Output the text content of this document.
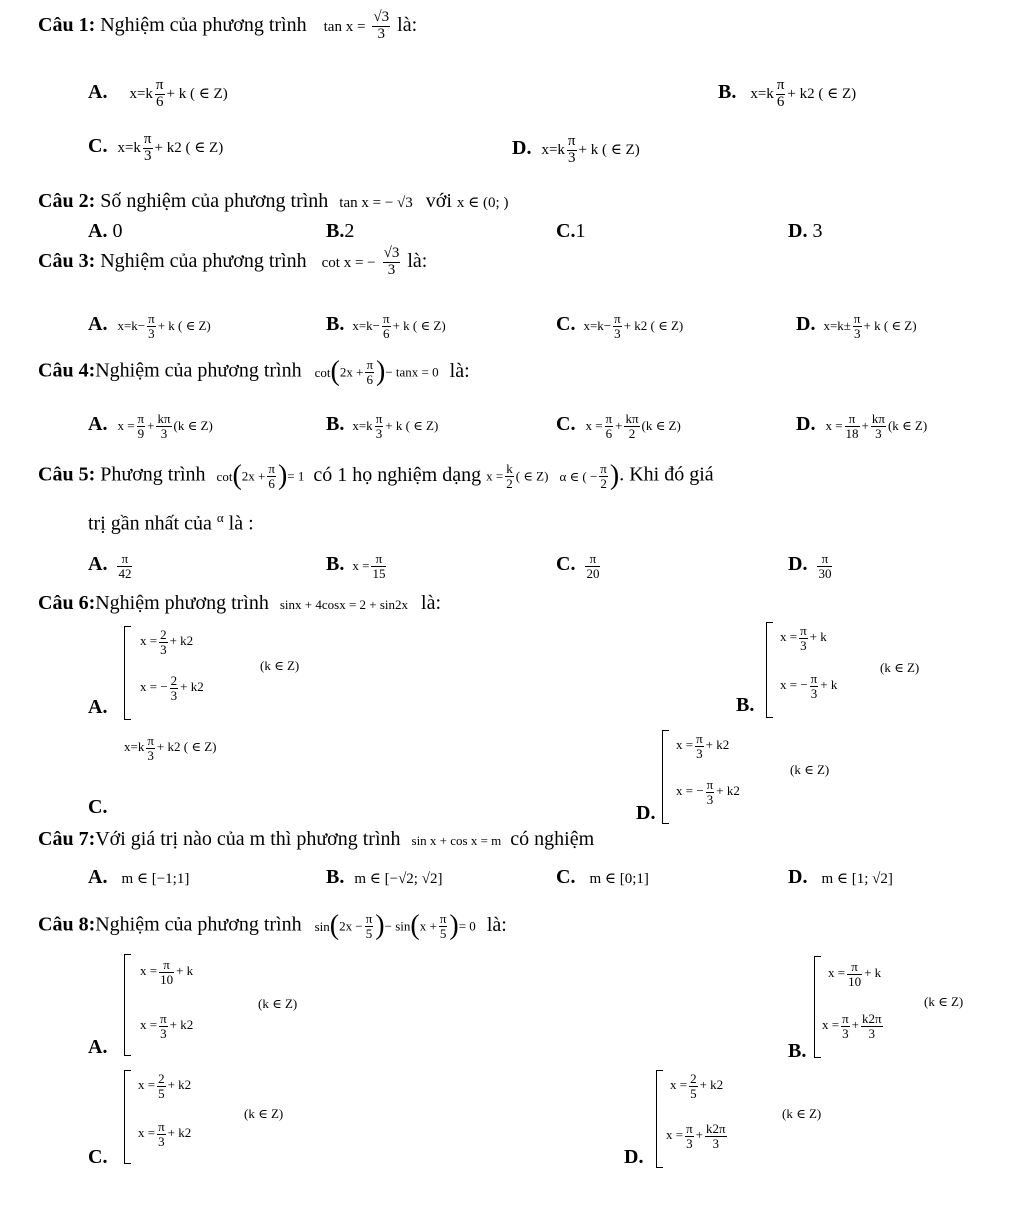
Câu 1: Nghiệm của phương trình $\tan x = \frac{√3}{3}$ là:
A. $x=k \frac{\pi}{6} + k$ ( ∈ Z)	B. $x=k \frac{\pi}{6} + k2$ ( ∈ Z)
C. $x=k \frac{\pi}{3} + k2$ ( ∈ Z)	D. $x=k \frac{\pi}{3} + k$ ( ∈ Z)
Câu 2: Số nghiệm của phương trình tan x = − √3 với x ∈ (0; )
A. 0	B.2	C.1	D. 3
Câu 3: Nghiệm của phương trình cot x = − $\frac{√3}{3}$ là:
A. $x=k- \frac{\pi}{3} + k$ ( ∈ Z)	B. $x=k- \frac{\pi}{6} + k$ ( ∈ Z)	C. $x=k- \frac{\pi}{3} + k2$ ( ∈ Z)	D. $x=k\pm \frac{\pi}{3} + k$ ( ∈ Z)
Câu 4:Nghiệm của phương trình $\cot(2x + \frac{\pi}{6}$ )− tanx = 0 là:
A. $x = \frac{\pi}{9} + \frac{k\pi}{3} (k$ ∈ Z)	B. $x=k \frac{\pi}{3} + k$ ( ∈ Z)	C. $x = \frac{\pi}{6} + \frac{k\pi}{2} (k$ ∈ Z)	D. $x = \frac{\pi}{18} + \frac{k\pi}{3} (k$ ∈ Z)
Câu 5: Phương trình $\cot(2x + \frac{\pi}{6}$ )= 1 có 1 họ nghiệm dạng $x = \frac{k}{2}$ ( ∈ Z) α ∈ ( − $\frac{\pi}{2}$ ). Khi đó giá
trị gần nhất của $^\alpha$ là :
A. $\frac{\pi}{42}$	B. $x = \frac{\pi}{15}$	C. $\frac{\pi}{20}$	D. $\frac{\pi}{30}$
Câu 6:Nghiệm phương trình sinx + 4cosx = 2 + sin2x là:
A.
$x = \frac{2}{3} + k2$
x = − $\frac{2}{3} + k2$
(k ∈ Z)
B.
$x = \frac{\pi}{3} + k$
x = − $\frac{\pi}{3} + k$
(k ∈ Z)
$x=k \frac{\pi}{3} + k2$ ( ∈ Z)
C.	D.
$x = \frac{\pi}{3} + k2$
x = − $\frac{\pi}{3} + k2$
(k ∈ Z)
Câu 7:Với giá trị nào của m thì phương trình sin x + cos x = m có nghiệm
A. m ∈ [−1;1]	B. m ∈ [−√2; √2]	C. m ∈ [0;1]	D. m ∈ [1; √2]
Câu 8:Nghiệm của phương trình $\sin(2x - \frac{\pi}{5}$ )− $\sin(x + \frac{\pi}{5}$ )= 0 là:
A.
$x = \frac{\pi}{10} + k$
$x = \frac{\pi}{3} + k2$
(k ∈ Z)
B.
$x = \frac{\pi}{10} + k$
$x = \frac{\pi}{3} + \frac{k2\pi}{3}$
(k ∈ Z)
C.
$x = \frac{2}{5} + k2$
$x = \frac{\pi}{3} + k2$
(k ∈ Z)
D.
$x = \frac{2}{5} + k2$
$x = \frac{\pi}{3} + \frac{k2\pi}{3}$
(k ∈ Z)
